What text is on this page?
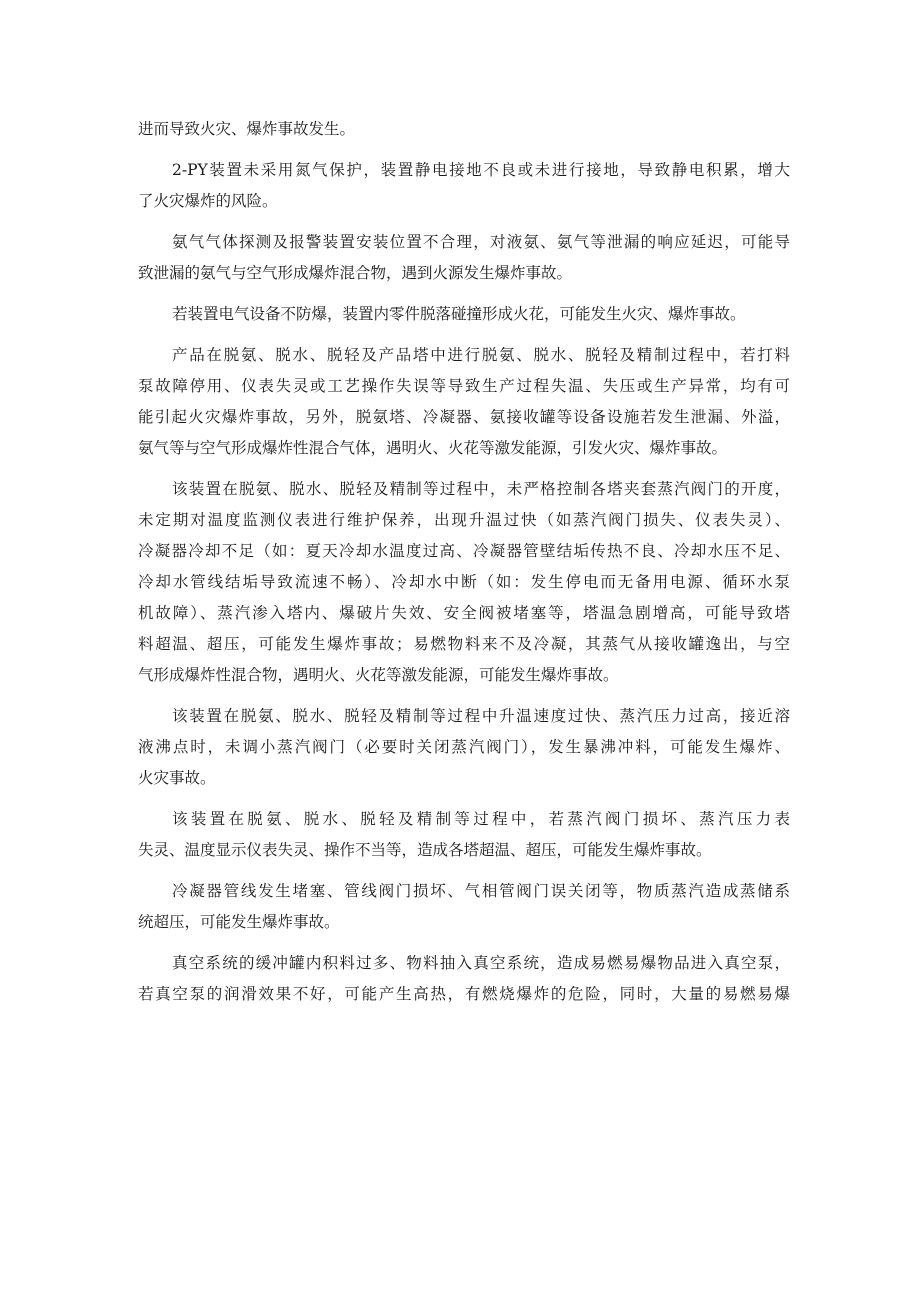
进而导致火灾、爆炸事故发生。
2-PY装置未采用氮气保护，装置静电接地不良或未进行接地，导致静电积累，增大
了火灾爆炸的风险。
氨气气体探测及报警装置安装位置不合理，对液氨、氨气等泄漏的响应延迟，可能导
致泄漏的氨气与空气形成爆炸混合物，遇到火源发生爆炸事故。
若装置电气设备不防爆，装置内零件脱落碰撞形成火花，可能发生火灾、爆炸事故。
产品在脱氨、脱水、脱轻及产品塔中进行脱氨、脱水、脱轻及精制过程中，若打料
泵故障停用、仪表失灵或工艺操作失误等导致生产过程失温、失压或生产异常，均有可
能引起火灾爆炸事故，另外，脱氨塔、冷凝器、氨接收罐等设备设施若发生泄漏、外溢，
氨气等与空气形成爆炸性混合气体，遇明火、火花等激发能源，引发火灾、爆炸事故。
该装置在脱氨、脱水、脱轻及精制等过程中，未严格控制各塔夹套蒸汽阀门的开度，
未定期对温度监测仪表进行维护保养，出现升温过快（如蒸汽阀门损失、仪表失灵）、
冷凝器冷却不足（如：夏天冷却水温度过高、冷凝器管壁结垢传热不良、冷却水压不足、
冷却水管线结垢导致流速不畅）、冷却水中断（如：发生停电而无备用电源、循环水泵
机故障）、蒸汽渗入塔内、爆破片失效、安全阀被堵塞等，塔温急剧增高，可能导致塔
料超温、超压，可能发生爆炸事故；易燃物料来不及冷凝，其蒸气从接收罐逸出，与空
气形成爆炸性混合物，遇明火、火花等激发能源，可能发生爆炸事故。
该装置在脱氨、脱水、脱轻及精制等过程中升温速度过快、蒸汽压力过高，接近溶
液沸点时，未调小蒸汽阀门（必要时关闭蒸汽阀门），发生暴沸冲料，可能发生爆炸、
火灾事故。
该装置在脱氨、脱水、脱轻及精制等过程中，若蒸汽阀门损坏、蒸汽压力表
失灵、温度显示仪表失灵、操作不当等，造成各塔超温、超压，可能发生爆炸事故。
冷凝器管线发生堵塞、管线阀门损坏、气相管阀门误关闭等，物质蒸汽造成蒸储系
统超压，可能发生爆炸事故。
真空系统的缓冲罐内积料过多、物料抽入真空系统，造成易燃易爆物品进入真空泵，
若真空泵的润滑效果不好，可能产生高热，有燃烧爆炸的危险，同时，大量的易燃易爆
